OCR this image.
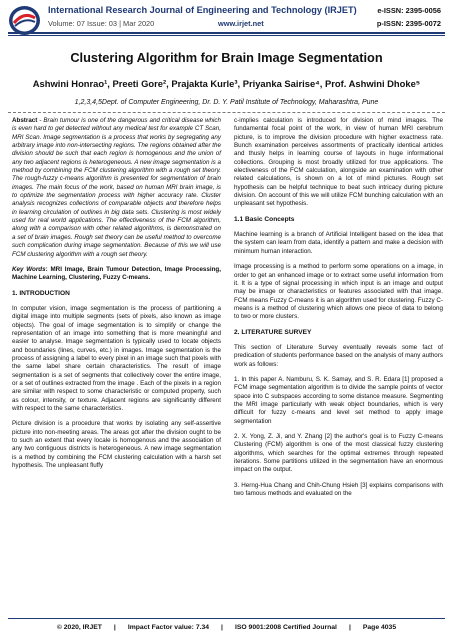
International Research Journal of Engineering and Technology (IRJET)
Volume: 07 Issue: 03 | Mar 2020	www.irjet.net
e-ISSN: 2395-0056
p-ISSN: 2395-0072
Clustering Algorithm for Brain Image Segmentation
Ashwini Honrao¹, Preeti Gore², Prajakta Kurle³, Priyanka Sairise⁴, Prof. Ashwini Dhoke⁵
1,2,3,4,5Dept. of Computer Engineering, Dr. D. Y. Patil Institute of Technology, Maharashtra, Pune

Abstract - Brain tumour is one of the dangerous and critical disease which is even hard to get detected without any medical test for example CT Scan, MRI Scan. Image segmentation is a process that works by segregating any arbitrary image into non-intersecting regions. The regions obtained after the division should be such that each region is homogenous and the union of any two adjacent regions is heterogeneous. A new image segmentation is a method by combining the FCM clustering algorithm with a rough set theory. The rough-fuzzy c-means algorithm is presented for segmentation of brain images. The main focus of the work, based on human MRI brain image, is to optimize the segmentation process with higher accuracy rate. Cluster analysis recognizes collections of comparable objects and therefore helps in learning circulation of outlines in big data sets. Clustering is most widely used for real world applications. The effectiveness of the FCM algorithm, along with a comparison with other related algorithms, is demonstrated on a set of brain images. Rough set theory can be useful method to overcome such complication during image segmentation. Because of this we will use FCM clustering algorithm with a rough set theory.

Key Words: MRI Image, Brain Tumour Detection, Image Processing, Machine Learning, Clustering, Fuzzy C-means.

1. INTRODUCTION

In computer vision, image segmentation is the process of partitioning a digital image into multiple segments (sets of pixels, also known as image objects). The goal of image segmentation is to simplify or change the representation of an image into something that is more meaningful and easier to analyse. Image segmentation is typically used to locate objects and boundaries (lines, curves, etc.) in images. Image segmentation is the process of assigning a label to every pixel in an image such that pixels with the same label share certain characteristics. The result of image segmentation is a set of segments that collectively cover the entire image, or a set of outlines extracted from the image . Each of the pixels in a region are similar with respect to some characteristic or computed property, such as colour, intensity, or texture. Adjacent regions are significantly different with respect to the same characteristics.

Picture division is a procedure that works by isolating any self-assertive picture into non-meeting areas. The areas got after the division ought to be to such an extent that every locale is homogenous and the association of any two contiguous districts is heterogeneous. A new image segmentation is a method by combining the FCM clustering calculation with a harsh set hypothesis. The unpleasant fluffy

c-implies calculation is introduced for division of mind images. The fundamental focal point of the work, in view of human MRI cerebrum picture, is to improve the division procedure with higher exactness rate. Bunch examination perceives assortments of practically identical articles and thusly helps in learning course of layouts in huge informational collections. Grouping is most broadly utilized for true applications. The electiveness of the FCM calculation, alongside an examination with other related calculations, is shown on a lot of mind pictures. Rough set hypothesis can be helpful technique to beat such intricacy during picture division. On account of this we will utilize FCM bunching calculation with an unpleasant set hypothesis.

1.1 Basic Concepts

Machine learning is a branch of Artificial Intelligent based on the idea that the system can learn from data, identify a pattern and make a decision with minimum human interaction.

Image processing is a method to perform some operations on a image, in order to get an enhanced image or to extract some useful information from it. It is a type of signal processing in which input is an image and output may be image or characteristics or features associated with that image. FCM means Fuzzy C-means it is an algorithm used for clustering. Fuzzy C-means is a method of clustering which allows one piece of data to belong to two or more clusters.

2. LITERATURE SURVEY

This section of Literature Survey eventually reveals some fact of predication of students performance based on the analysis of many authors work as follows:

1. In this paper A. Namburu, S. K. Samay, and S. R. Edara [1] proposed a FCM image segmentation algorithm is to divide the sample points of vector space into C subspaces according to some distance measure. Segmenting the MRI image particularly with weak object boundaries, which is very difficult for fuzzy c-means and level set method to apply image segmentation

2. X. Yong, Z. Ji, and Y. Zhang [2] the author's goal is to Fuzzy C-means Clustering (FCM) algorithm is one of the most classical fuzzy clustering algorithms, which searches for the optimal extremes through repeated iterations. Some partitions utilized in the segmentation have an enormous impact on the output.

3. Herng-Hua Chang and Chih-Chung Hsieh [3] explains comparisons with two famous methods and evaluated on the

© 2020, IRJET | Impact Factor value: 7.34 | ISO 9001:2008 Certified Journal | Page 4035
